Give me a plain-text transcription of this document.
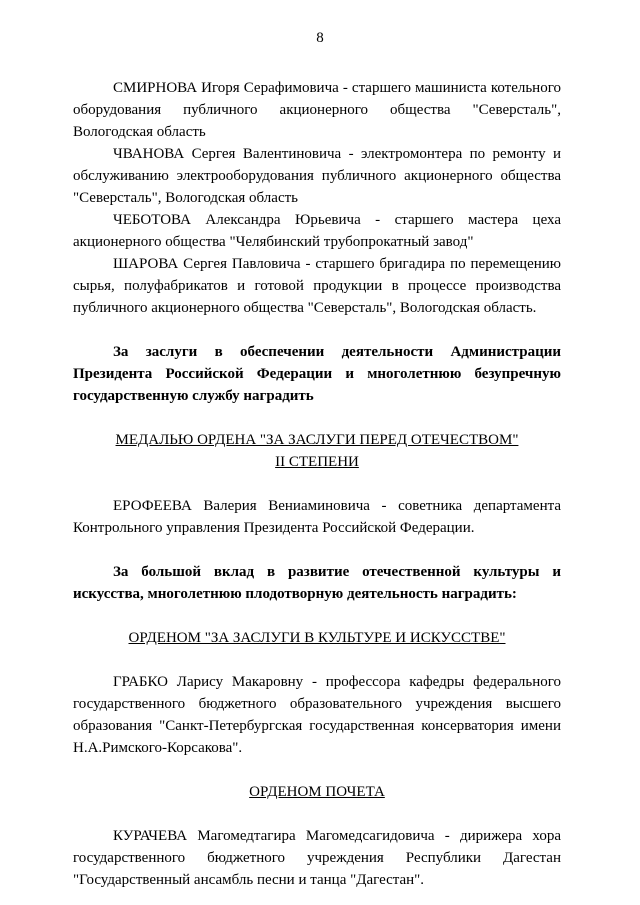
8

СМИРНОВА Игоря Серафимовича - старшего машиниста котельного оборудования публичного акционерного общества "Северсталь", Вологодская область

ЧВАНОВА Сергея Валентиновича - электромонтера по ремонту и обслуживанию электрооборудования публичного акционерного общества "Северсталь", Вологодская область

ЧЕБОТОВА Александра Юрьевича - старшего мастера цеха акционерного общества "Челябинский трубопрокатный завод"

ШАРОВА Сергея Павловича - старшего бригадира по перемещению сырья, полуфабрикатов и готовой продукции в процессе производства публичного акционерного общества "Северсталь", Вологодская область.

За заслуги в обеспечении деятельности Администрации Президента Российской Федерации и многолетнюю безупречную государственную службу наградить

МЕДАЛЬЮ ОРДЕНА "ЗА ЗАСЛУГИ ПЕРЕД ОТЕЧЕСТВОМ"

II СТЕПЕНИ

ЕРОФЕЕВА Валерия Вениаминовича - советника департамента Контрольного управления Президента Российской Федерации.

За большой вклад в развитие отечественной культуры и искусства, многолетнюю плодотворную деятельность наградить:

ОРДЕНОМ "ЗА ЗАСЛУГИ В КУЛЬТУРЕ И ИСКУССТВЕ"

ГРАБКО Ларису Макаровну - профессора кафедры федерального государственного бюджетного образовательного учреждения высшего образования "Санкт-Петербургская государственная консерватория имени Н.А.Римского-Корсакова".

ОРДЕНОМ ПОЧЕТА

КУРАЧЕВА Магомедтагира Магомедсагидовича - дирижера хора государственного бюджетного учреждения Республики Дагестан "Государственный ансамбль песни и танца "Дагестан".
